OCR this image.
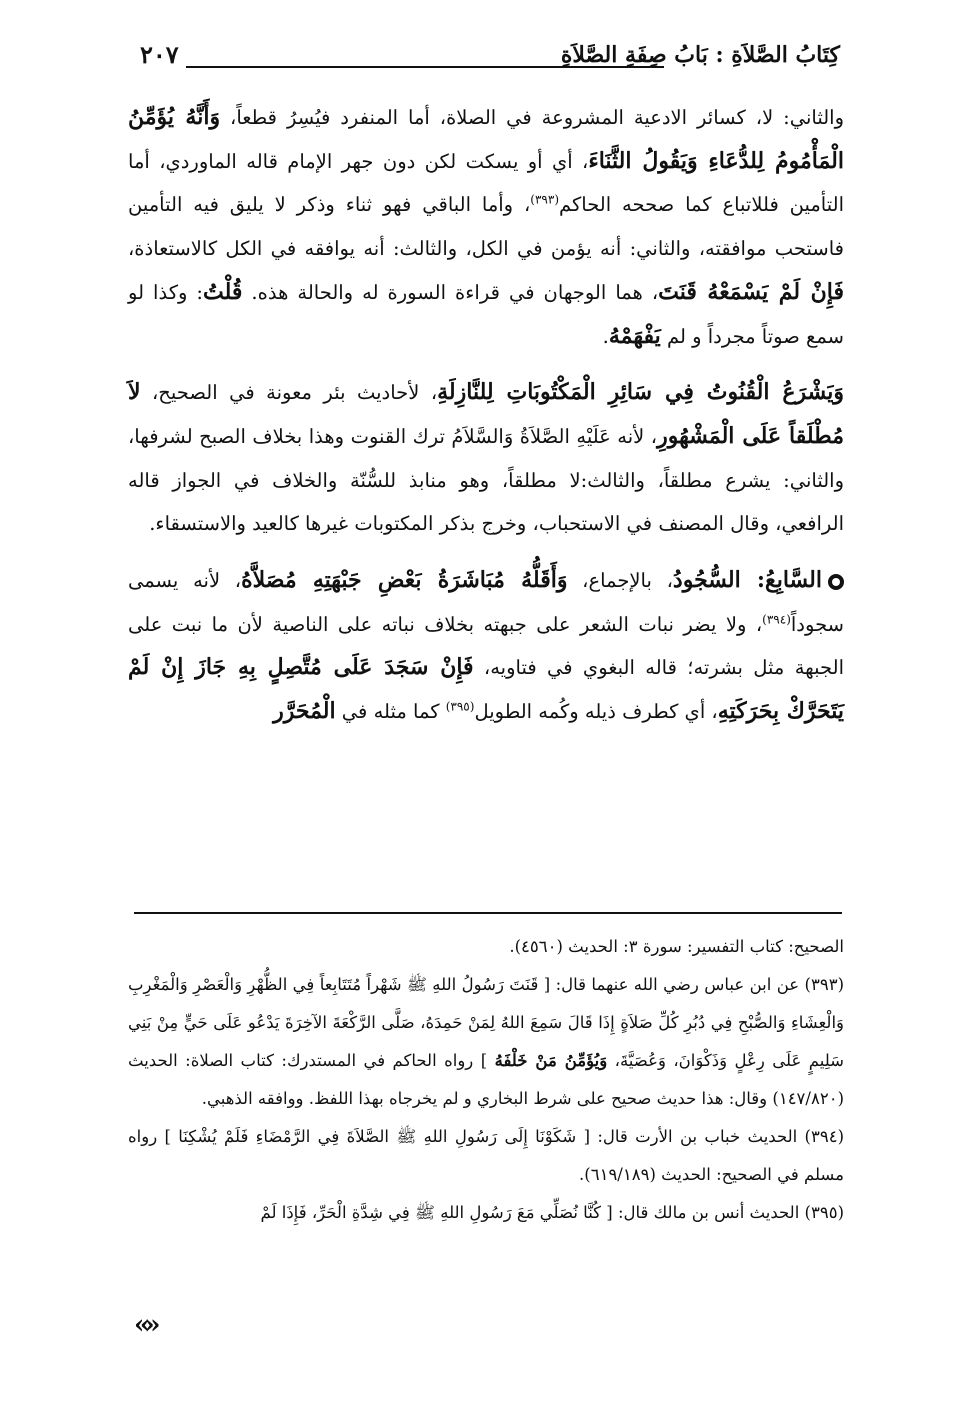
٢٠٧	كِتَابُ الصَّلاَةِ : بَابُ صِفَةِ الصَّلاَةِ

والثاني: لا، كسائر الادعية المشروعة في الصلاة، أما المنفرد فيُسِرُ قطعاً، وَأَنَّهُ يُؤَمِّنُ الْمَأْمُومُ لِلدُّعَاءِ وَيَقُولُ الثَّنَاءَ، أي أو يسكت لكن دون جهر الإمام قاله الماوردي، أما التأمين فللاتباع كما صححه الحاكم$^{(٣٩٣)}$، وأما الباقي فهو ثناء وذكر لا يليق فيه التأمين فاستحب موافقته، والثاني: أنه يؤمن في الكل، والثالث: أنه يوافقه في الكل كالاستعاذة، فَإِنْ لَمْ يَسْمَعْهُ قَنَتَ، هما الوجهان في قراءة السورة له والحالة هذه. قُلْتُ: وكذا لو سمع صوتاً مجرداً و لم يَفْهَمْهُ.

وَيَشْرَعُ الْقُنُوتُ فِي سَائِرِ الْمَكْتُوبَاتِ لِلنَّازِلَةِ، لأحاديث بئر معونة في الصحيح، لاَ مُطْلَقاً عَلَى الْمَشْهُورِ، لأنه عَلَيْهِ الصَّلاَةُ وَالسَّلاَمُ ترك القنوت وهذا بخلاف الصبح لشرفها، والثاني: يشرع مطلقاً، والثالث:لا مطلقاً، وهو منابذ للسُّنّة والخلاف في الجواز قاله الرافعي، وقال المصنف في الاستحباب، وخرج بذكر المكتوبات غيرها كالعيد والاستسقاء.

السَّابِعُ: السُّجُودُ، بالإجماع، وَأَقَلُّهُ مُبَاشَرَةُ بَعْضِ جَبْهَتِهِ مُصَلاَّهُ، لأنه يسمى سجوداً$^{(٣٩٤)}$، ولا يضر نبات الشعر على جبهته بخلاف نباته على الناصية لأن ما نبت على الجبهة مثل بشرته؛ قاله البغوي في فتاويه، فَإِنْ سَجَدَ عَلَى مُتَّصِلٍ بِهِ جَازَ إِنْ لَمْ يَتَحَرَّكْ بِحَرَكَتِهِ، أي كطرف ذيله وكُمه الطويل$^{(٣٩٥)}$ كما مثله في الْمُحَرَّر

الصحيح: كتاب التفسير: سورة ٣: الحديث (٤٥٦٠).

(٣٩٣) عن ابن عباس رضي الله عنهما قال: [ قَنَتَ رَسُولُ اللهِ ﷺ شَهْراً مُتَتَابِعاً فِي الظُّهْرِ وَالْعَصْرِ وَالْمَغْرِبِ وَالْعِشَاءِ وَالصُّبْحِ فِي دُبُرِ كُلِّ صَلاَةٍ إِذَا قَالَ سَمِعَ اللهُ لِمَنْ حَمِدَهُ، صَلَّى الرَّكْعَةَ الآخِرَةَ يَدْعُو عَلَى حَيٍّ مِنْ بَنِي سَلِيمٍ عَلَى رِعْلٍ وَذَكْوَانَ، وَعُصَيَّةَ، وَيُؤَمِّنُ مَنْ خَلْفَهُ ] رواه الحاكم في المستدرك: كتاب الصلاة: الحديث (١٤٧/٨٢٠) وقال: هذا حديث صحيح على شرط البخاري و لم يخرجاه بهذا اللفظ. ووافقه الذهبي.

(٣٩٤) الحديث خباب بن الأرت قال: [ شَكَوْنَا إِلَى رَسُولِ اللهِ ﷺ الصَّلاَةَ فِي الرَّمْضَاءِ فَلَمْ يُشْكِنَا ] رواه مسلم في الصحيح: الحديث (٦١٩/١٨٩).

(٣٩٥) الحديث أنس بن مالك قال: [ كُنَّا نُصَلِّي مَعَ رَسُولِ اللهِ ﷺ فِي شِدَّةِ الْحَرِّ، فَإِذَا لَمْ

«»
